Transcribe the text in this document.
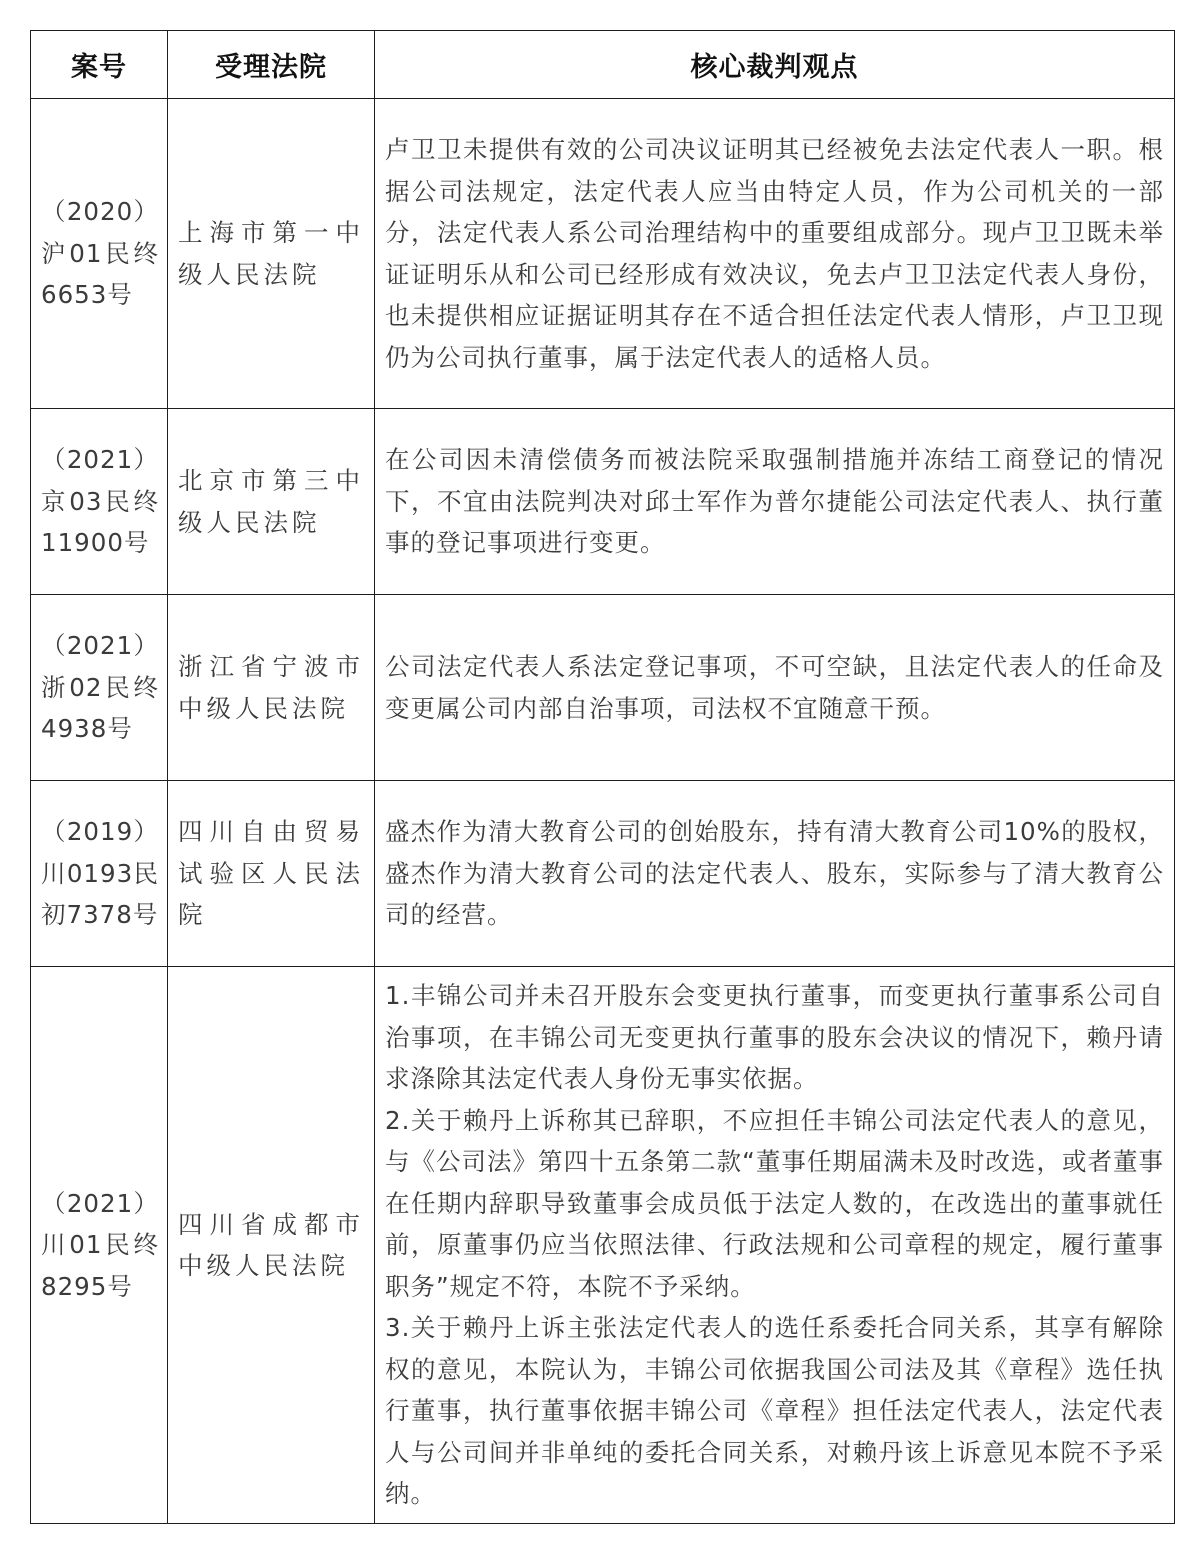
案号	受理法院	核心裁判观点
（2020）沪01民终6653号	上海市第一中级人民法院	卢卫卫未提供有效的公司决议证明其已经被免去法定代表人一职。根据公司法规定，法定代表人应当由特定人员，作为公司机关的一部分，法定代表人系公司治理结构中的重要组成部分。现卢卫卫既未举证证明乐从和公司已经形成有效决议，免去卢卫卫法定代表人身份，也未提供相应证据证明其存在不适合担任法定代表人情形，卢卫卫现仍为公司执行董事，属于法定代表人的适格人员。

（2021）京03民终11900号	北京市第三中级人民法院	在公司因未清偿债务而被法院采取强制措施并冻结工商登记的情况下，不宜由法院判决对邱士军作为普尔捷能公司法定代表人、执行董事的登记事项进行变更。

（2021）浙02民终4938号	浙江省宁波市中级人民法院	公司法定代表人系法定登记事项，不可空缺，且法定代表人的任命及变更属公司内部自治事项，司法权不宜随意干预。

（2019）川0193民初7378号	四川自由贸易试验区人民法院	盛杰作为清大教育公司的创始股东，持有清大教育公司10%的股权，盛杰作为清大教育公司的法定代表人、股东，实际参与了清大教育公司的经营。

（2021）川01民终8295号	四川省成都市中级人民法院	1.丰锦公司并未召开股东会变更执行董事，而变更执行董事系公司自治事项，在丰锦公司无变更执行董事的股东会决议的情况下，赖丹请求涤除其法定代表人身份无事实依据。
2.关于赖丹上诉称其已辞职，不应担任丰锦公司法定代表人的意见，与《公司法》第四十五条第二款“董事任期届满未及时改选，或者董事在任期内辞职导致董事会成员低于法定人数的，在改选出的董事就任前，原董事仍应当依照法律、行政法规和公司章程的规定，履行董事职务”规定不符，本院不予采纳。
3.关于赖丹上诉主张法定代表人的选任系委托合同关系，其享有解除权的意见，本院认为，丰锦公司依据我国公司法及其《章程》选任执行董事，执行董事依据丰锦公司《章程》担任法定代表人，法定代表人与公司间并非单纯的委托合同关系，对赖丹该上诉意见本院不予采纳。
